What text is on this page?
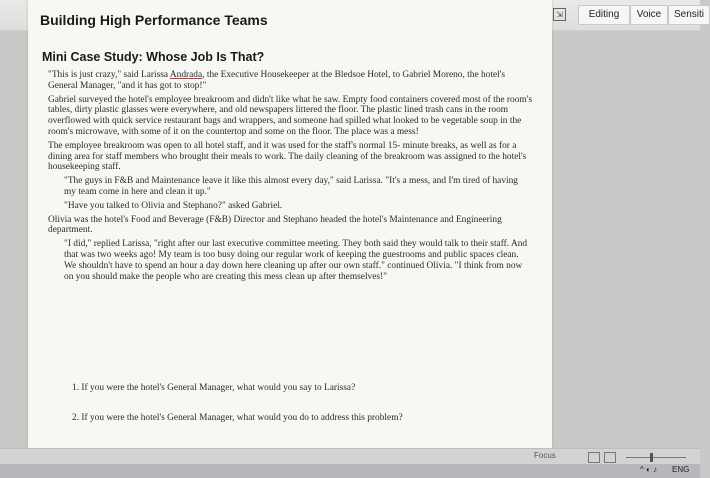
⇲	Editing	Voice	Sensiti
Building High Performance Teams
Mini Case Study: Whose Job Is That?

"This is just crazy," said Larissa Andrada, the Executive Housekeeper at the Bledsoe Hotel, to Gabriel Moreno, the hotel's General Manager, "and it has got to stop!"

Gabriel surveyed the hotel's employee breakroom and didn't like what he saw. Empty food containers covered most of the room's tables, dirty plastic glasses were everywhere, and old newspapers littered the floor. The plastic lined trash cans in the room overflowed with quick service restaurant bags and wrappers, and someone had spilled what looked to be vegetable soup in the room's microwave, with some of it on the countertop and some on the floor. The place was a mess!

The employee breakroom was open to all hotel staff, and it was used for the staff's normal 15- minute breaks, as well as for a dining area for staff members who brought their meals to work. The daily cleaning of the breakroom was assigned to the hotel's housekeeping staff.

"The guys in F&B and Maintenance leave it like this almost every day," said Larissa. "It's a mess, and I'm tired of having my team come in here and clean it up."

"Have you talked to Olivia and Stephano?" asked Gabriel.

Olivia was the hotel's Food and Beverage (F&B) Director and Stephano headed the hotel's Maintenance and Engineering department.

"I did," replied Larissa, "right after our last executive committee meeting. They both said they would talk to their staff. And that was two weeks ago! My team is too busy doing our regular work of keeping the guestrooms and public spaces clean. We shouldn't have to spend an hour a day down here cleaning up after our own staff." continued Olivia. "I think from now on you should make the people who are creating this mess clean up after themselves!"

1. If you were the hotel's General Manager, what would you say to Larissa?
2. If you were the hotel's General Manager, what would you do to address this problem?
Focus
^ ◐ ♪ ENG
